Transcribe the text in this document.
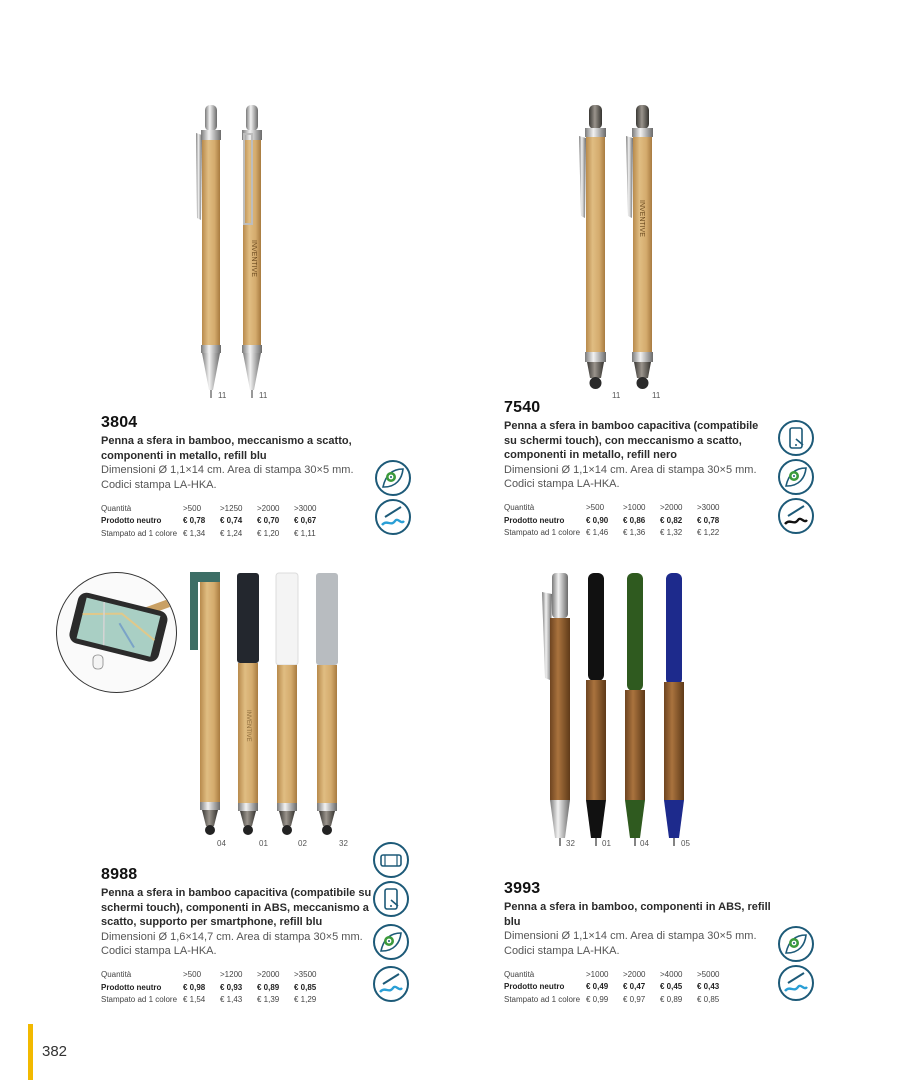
INVENTIVE
11	11
3804
Penna a sfera in bamboo, meccanismo a scatto, componenti in metallo, refill blu
Dimensioni Ø 1,1×14 cm. Area di stampa 30×5 mm. Codici stampa LA-HKA.
Quantità	>500	>1250	>2000	>3000
Prodotto neutro	€ 0,78	€ 0,74	€ 0,70	€ 0,67
Stampato ad 1 colore	€ 1,34	€ 1,24	€ 1,20	€ 1,11
INVENTIVE
11	11
7540
Penna a sfera in bamboo capacitiva (compatibile su schermi touch), con meccanismo a scatto, componenti in metallo, refill nero
Dimensioni Ø 1,1×14 cm. Area di stampa 30×5 mm. Codici stampa LA-HKA.
Quantità	>500	>1000	>2000	>3000
Prodotto neutro	€ 0,90	€ 0,86	€ 0,82	€ 0,78
Stampato ad 1 colore	€ 1,46	€ 1,36	€ 1,32	€ 1,22
INVENTIVE
04	01	02	32
8988
Penna a sfera in bamboo capacitiva (compatibile su schermi touch), componenti in ABS, meccanismo a scatto, supporto per smartphone, refill blu
Dimensioni Ø 1,6×14,7 cm. Area di stampa 30×5 mm. Codici stampa LA-HKA.
Quantità	>500	>1200	>2000	>3500
Prodotto neutro	€ 0,98	€ 0,93	€ 0,89	€ 0,85
Stampato ad 1 colore	€ 1,54	€ 1,43	€ 1,39	€ 1,29
32	01	04	05
3993
Penna a sfera in bamboo, componenti in ABS, refill blu
Dimensioni Ø 1,1×14 cm. Area di stampa 30×5 mm. Codici stampa LA-HKA.
Quantità	>1000	>2000	>4000	>5000
Prodotto neutro	€ 0,49	€ 0,47	€ 0,45	€ 0,43
Stampato ad 1 colore	€ 0,99	€ 0,97	€ 0,89	€ 0,85
382
